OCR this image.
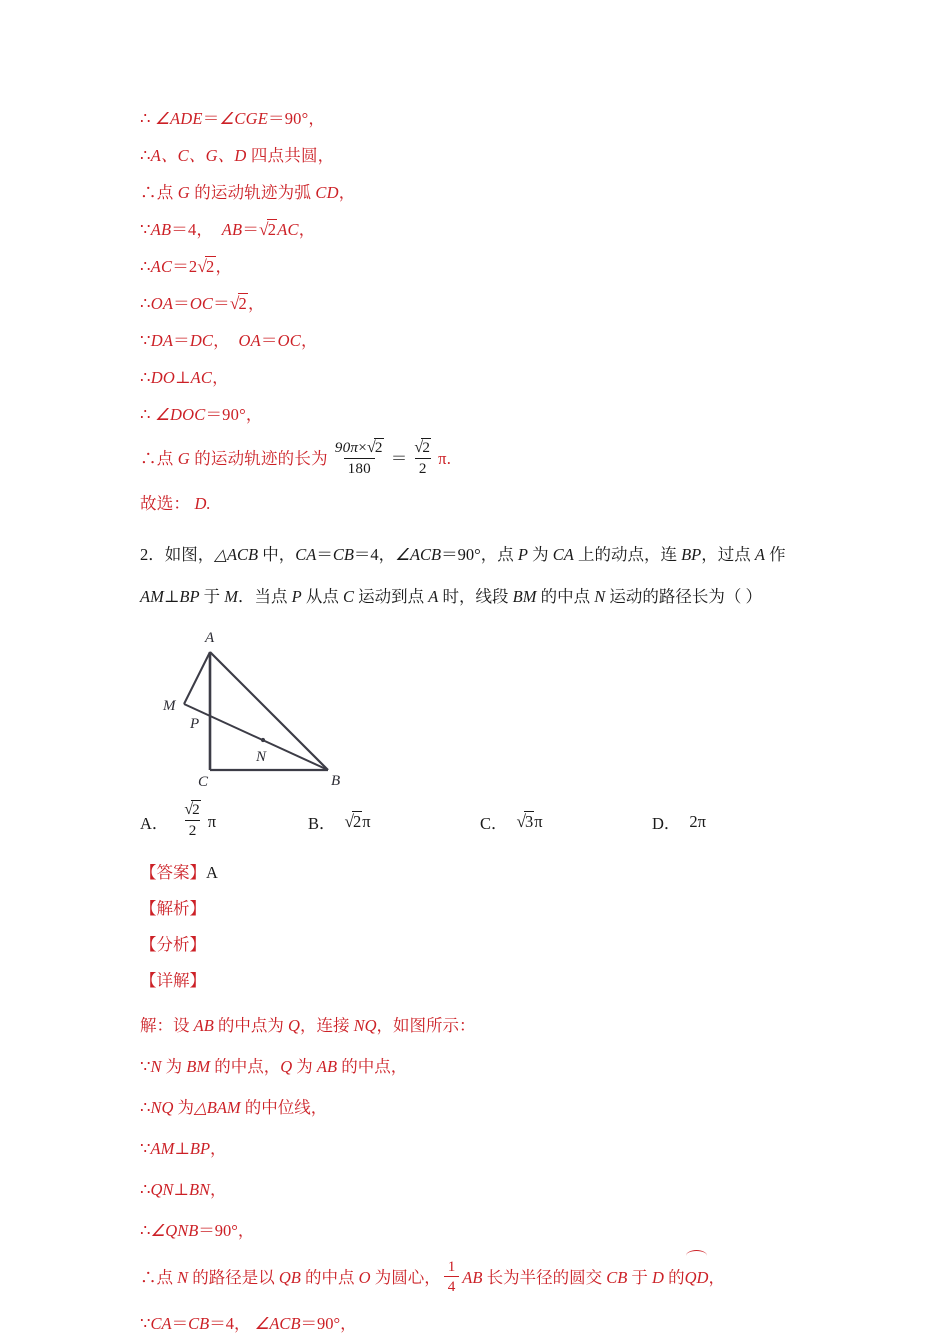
∴ ∠ADE＝∠CGE＝90°，
∴A、C、G、D 四点共圆，
∴点 G 的运动轨迹为弧 CD，
∵AB＝4， AB＝√2AC，
∴AC＝2√2，
∴OA＝OC＝√2，
∵DA＝DC， OA＝OC，
∴DO⊥AC，
∴ ∠DOC＝90°，
∴点 G 的运动轨迹的长为 $\frac{90\pi\times√2}{180} = \frac{√2}{2} \pi$.
故选： D.
2．如图，△ACB 中，CA＝CB＝4，∠ACB＝90°，点 P 为 CA 上的动点，连 BP，过点 A 作
AM⊥BP 于 M．当点 P 从点 C 运动到点 A 时，线段 BM 的中点 N 运动的路径长为（ ）
A
C	B
M
P
N
A． $\frac{√2}{2}$ π	B． √2 π	C． √3 π	D． 2π
【答案】A
【解析】
【分析】
【详解】
解：设 AB 的中点为 Q，连接 NQ，如图所示：
∵N 为 BM 的中点，Q 为 AB 的中点，
∴NQ 为△BAM 的中位线，
∵AM⊥BP，
∴QN⊥BN，
∴∠QNB＝90°，
∴点 N 的路径是以 QB 的中点 O 为圆心， $\frac{1}{4}$ AB 长为半径的圆交 CB 于 D 的QD，
∵CA＝CB＝4， ∠ACB＝90°，
